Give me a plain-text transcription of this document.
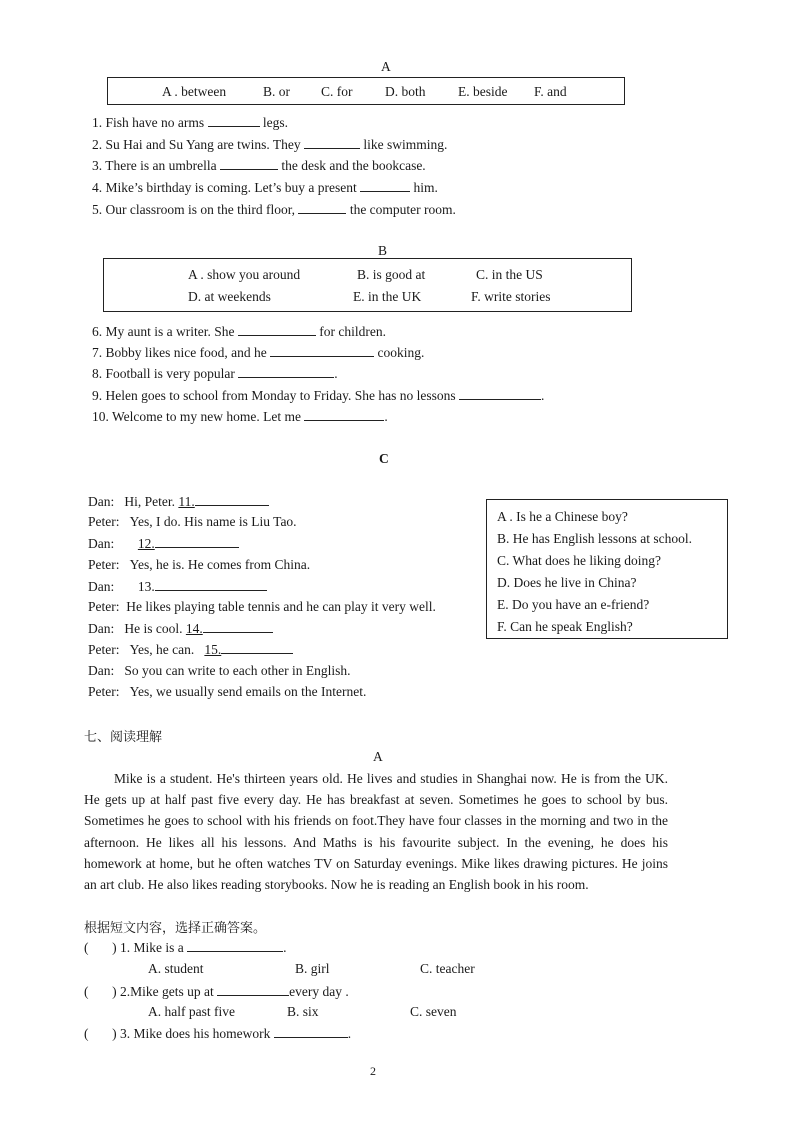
A
A . between	B. or C. for D. both E. beside F. and
1. Fish have no arms	legs.
2. Su Hai and Su Yang are twins. They	like swimming.
3. There is an umbrella	the desk and the bookcase.
4. Mike’s birthday is coming. Let’s buy a present	him.
5. Our classroom is on the third floor,	the computer room.
B
A . show you around	B. is good at	C. in the US
D. at weekends	E. in the UK	F. write stories
6. My aunt is a writer. She	for children.
7. Bobby likes nice food, and he	cooking.
8. Football is very popular	.
9. Helen goes to school from Monday to Friday. She has no lessons	.
10. Welcome to my new home. Let me	.
C
Dan: Hi, Peter. 11.
Peter: Yes, I do. His name is Liu Tao.
Dan: 12.
Peter: Yes, he is. He comes from China.
Dan: 13.
Peter: He likes playing table tennis and he can play it very well.
Dan: He is cool. 14.
Peter: Yes, he can. 15.
Dan: So you can write to each other in English.
Peter: Yes, we usually send emails on the Internet.
A . Is he a Chinese boy?
B. He has English lessons at school.
C. What does he liking doing?
D. Does he live in China?
E. Do you have an e-friend?
F. Can he speak English?
七、阅读理解
A
Mike is a student. He's thirteen years old. He lives and studies in Shanghai now. He is from the UK. He gets up at half past five every day. He has breakfast at seven. Sometimes he goes to school by bus. Sometimes he goes to school with his friends on foot.They have four classes in the morning and two in the afternoon. He likes all his lessons. And Maths is his favourite subject. In the evening, he does his homework at home, but he often watches TV on Saturday evenings. Mike likes drawing pictures. He joins an art club. He also likes reading storybooks. Now he is reading an English book in his room.
根据短文内容，选择正确答案。
( ) 1. Mike is a	.
A. student	B. girl	C. teacher
( ) 2.Mike gets up at	every day .
A. half past five	B. six	C. seven
( ) 3. Mike does his homework	.
2
